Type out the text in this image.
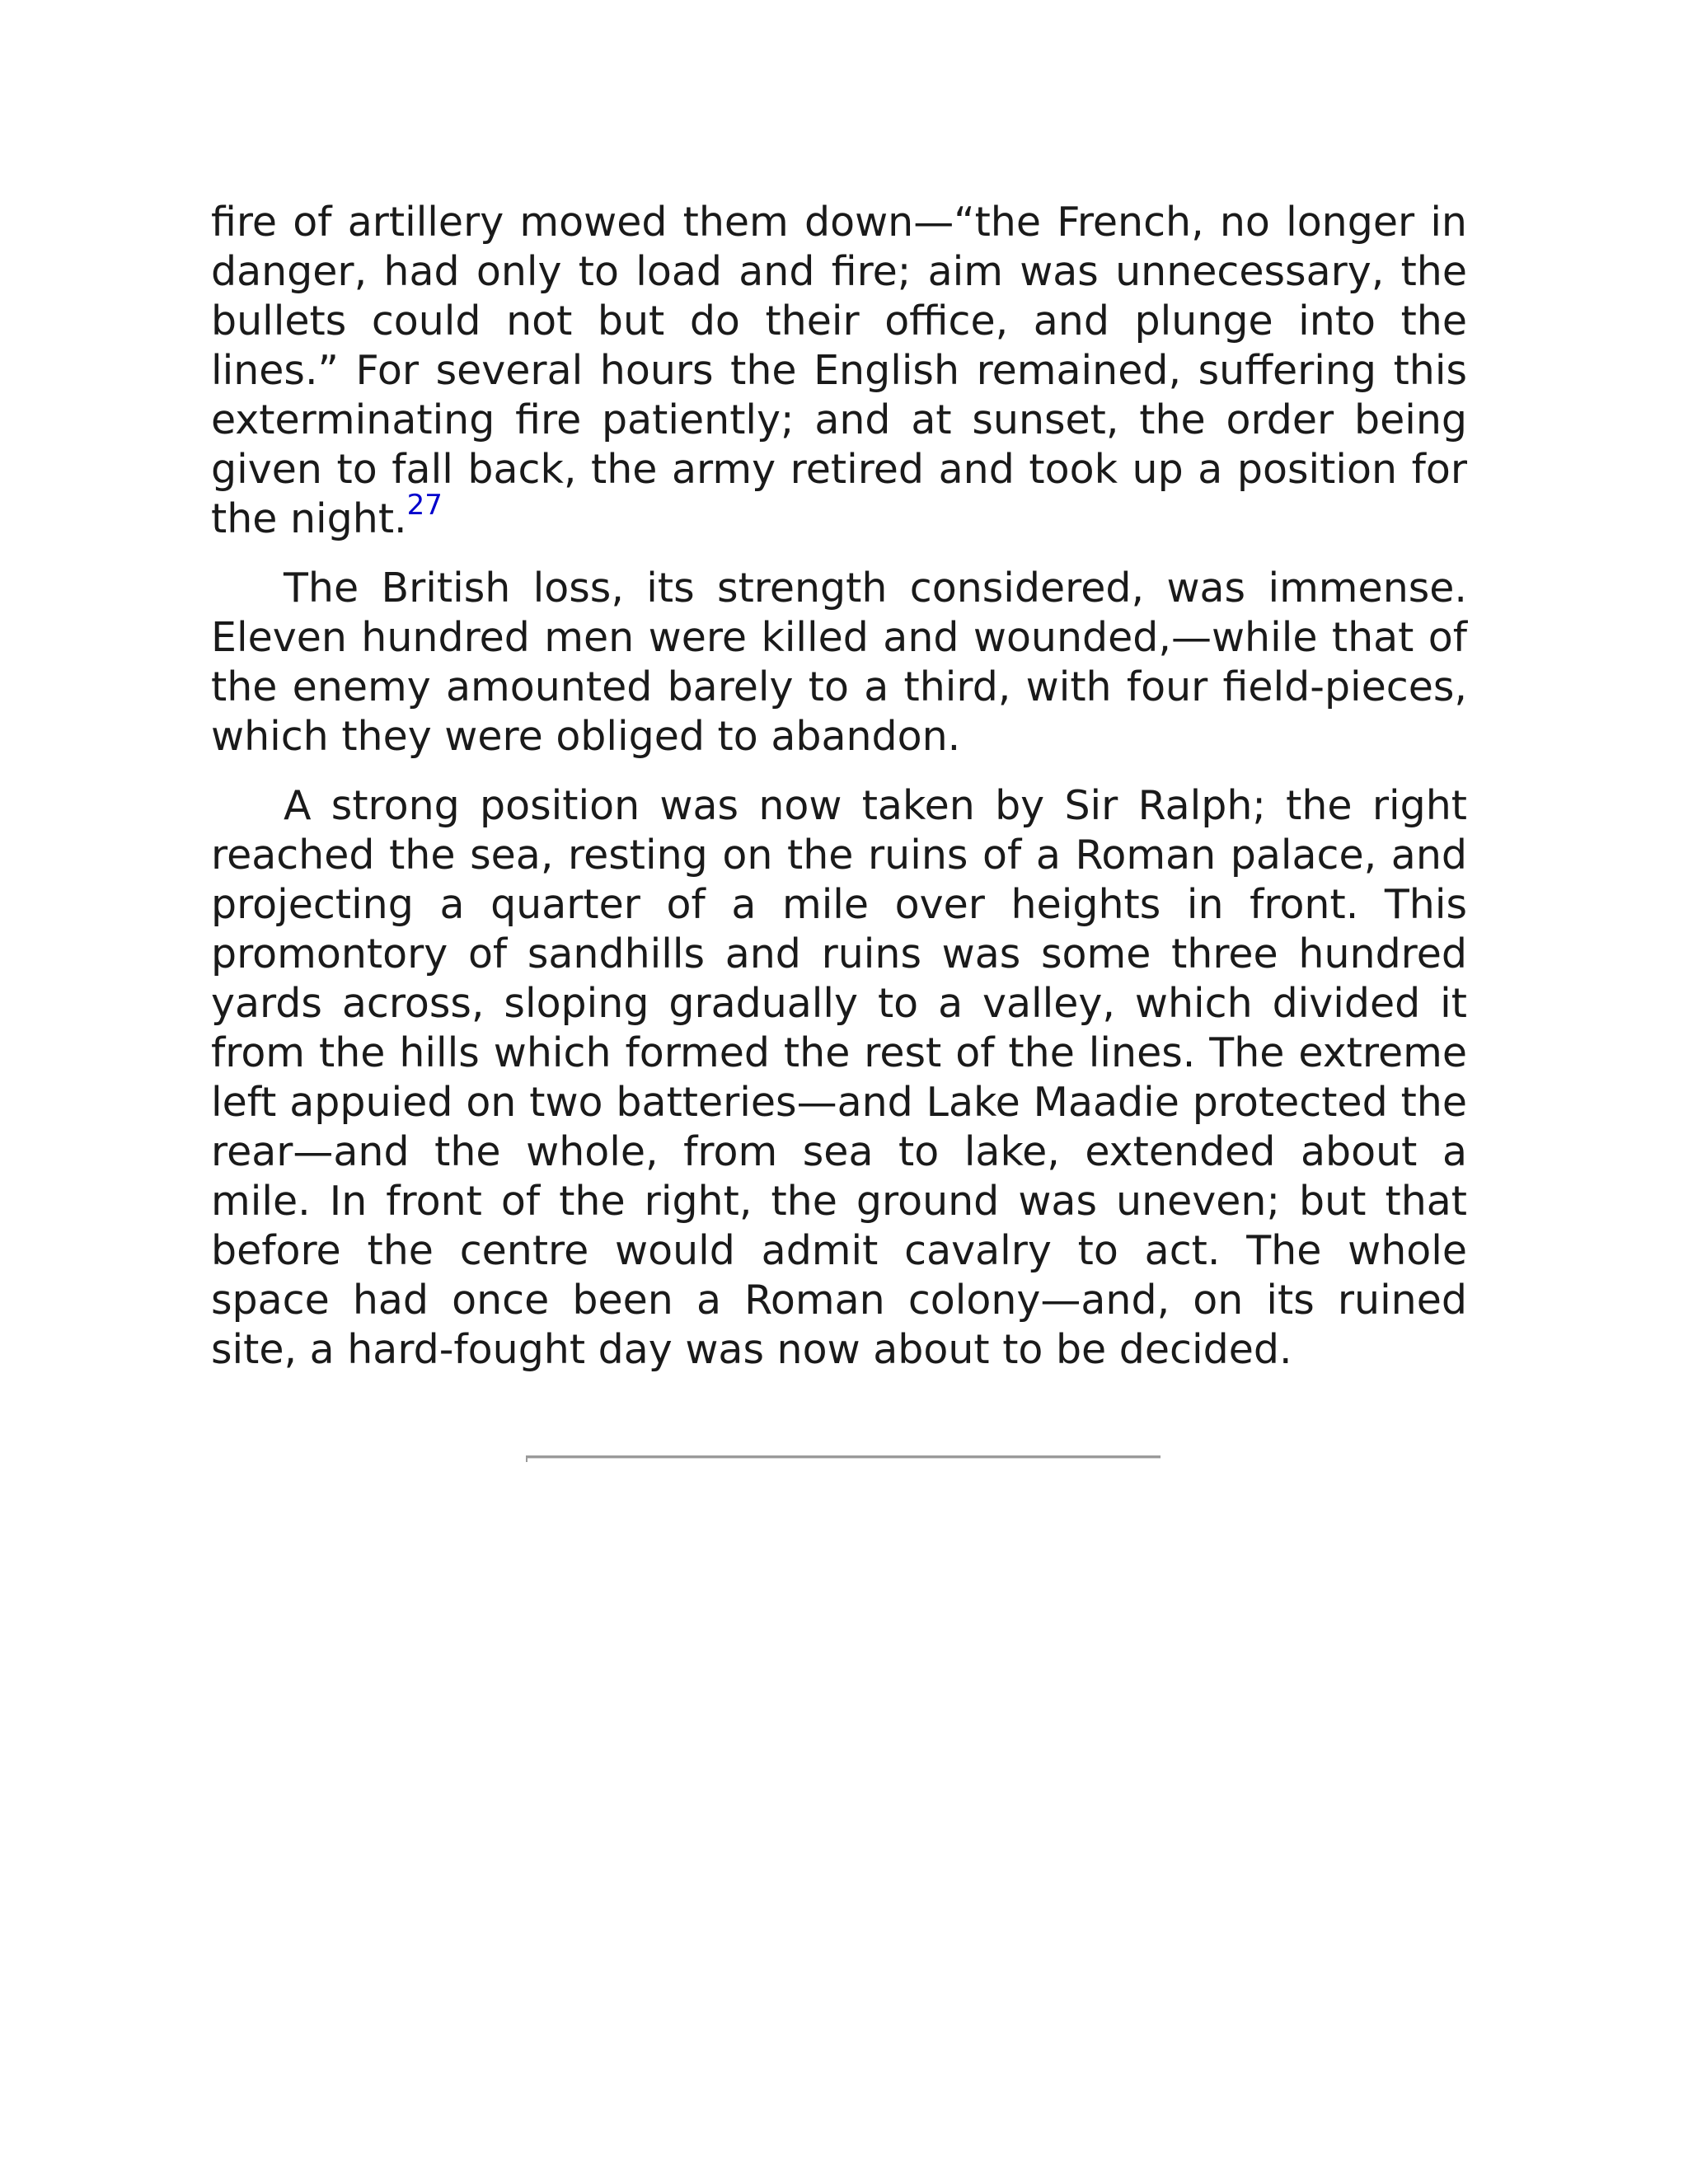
fire of artillery mowed them down—“the French, no longer in danger, had only to load and fire; aim was unnecessary, the bullets could not but do their office, and plunge into the lines.” For several hours the English remained, suffering this exterminating fire patiently; and at sunset, the order being given to fall back, the army retired and took up a position for the night.$^{27}$

The British loss, its strength considered, was immense. Eleven hundred men were killed and wounded,—while that of the enemy amounted barely to a third, with four field-pieces, which they were obliged to abandon.

A strong position was now taken by Sir Ralph; the right reached the sea, resting on the ruins of a Roman palace, and projecting a quarter of a mile over heights in front. This promontory of sandhills and ruins was some three hundred yards across, sloping gradually to a valley, which divided it from the hills which formed the rest of the lines. The extreme left appuied on two batteries—and Lake Maadie protected the rear—and the whole, from sea to lake, extended about a mile. In front of the right, the ground was uneven; but that before the centre would admit cavalry to act. The whole space had once been a Roman colony—and, on its ruined site, a hard-fought day was now about to be decided.
